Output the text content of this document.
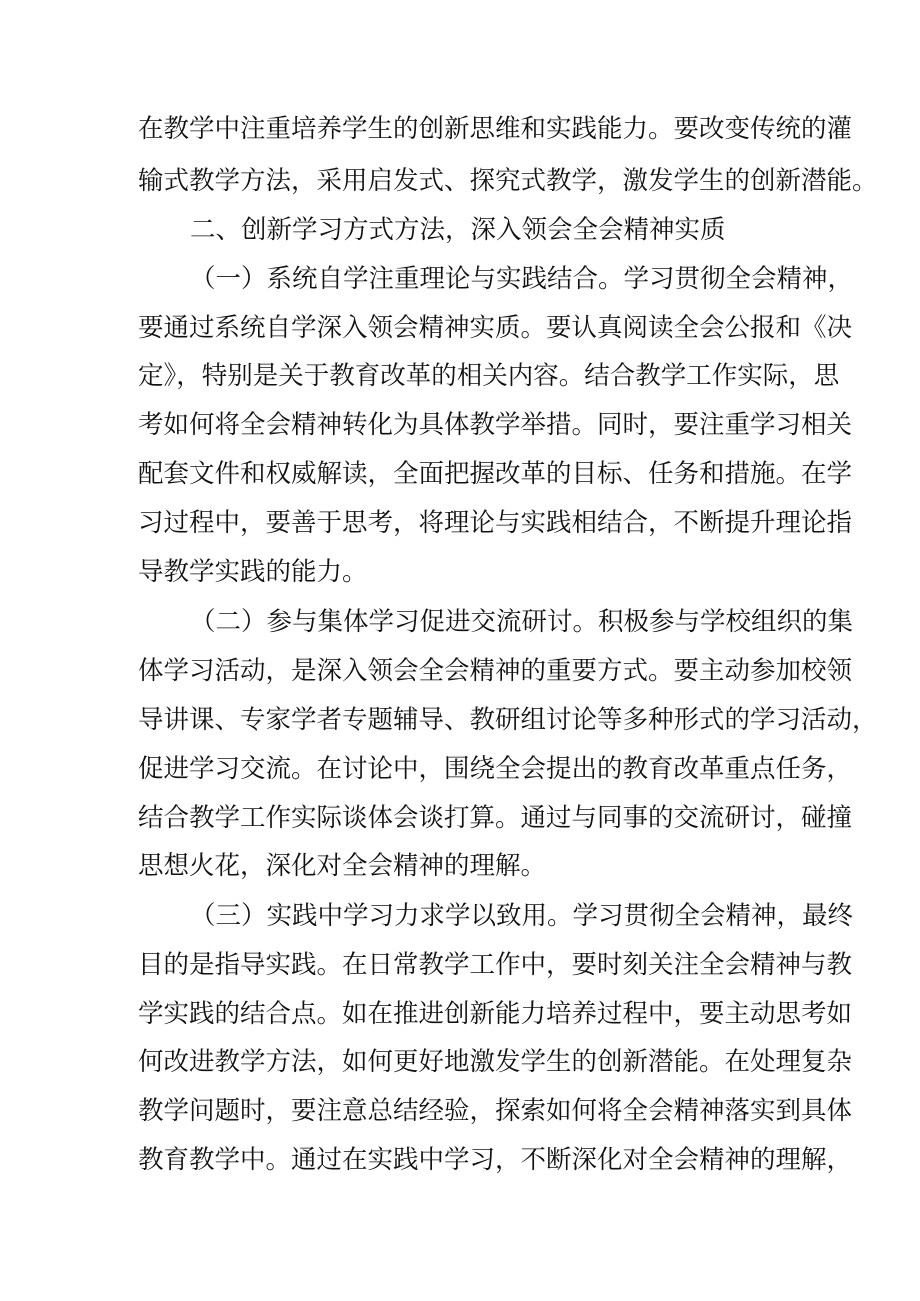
在教学中注重培养学生的创新思维和实践能力。要改变传统的灌
输式教学方法，采用启发式、探究式教学，激发学生的创新潜能。
二、创新学习方式方法，深入领会全会精神实质
（一）系统自学注重理论与实践结合。学习贯彻全会精神，
要通过系统自学深入领会精神实质。要认真阅读全会公报和《决
定》，特别是关于教育改革的相关内容。结合教学工作实际，思
考如何将全会精神转化为具体教学举措。同时，要注重学习相关
配套文件和权威解读，全面把握改革的目标、任务和措施。在学
习过程中，要善于思考，将理论与实践相结合，不断提升理论指
导教学实践的能力。
（二）参与集体学习促进交流研讨。积极参与学校组织的集
体学习活动，是深入领会全会精神的重要方式。要主动参加校领
导讲课、专家学者专题辅导、教研组讨论等多种形式的学习活动，
促进学习交流。在讨论中，围绕全会提出的教育改革重点任务，
结合教学工作实际谈体会谈打算。通过与同事的交流研讨，碰撞
思想火花，深化对全会精神的理解。
（三）实践中学习力求学以致用。学习贯彻全会精神，最终
目的是指导实践。在日常教学工作中，要时刻关注全会精神与教
学实践的结合点。如在推进创新能力培养过程中，要主动思考如
何改进教学方法，如何更好地激发学生的创新潜能。在处理复杂
教学问题时，要注意总结经验，探索如何将全会精神落实到具体
教育教学中。通过在实践中学习，不断深化对全会精神的理解，
